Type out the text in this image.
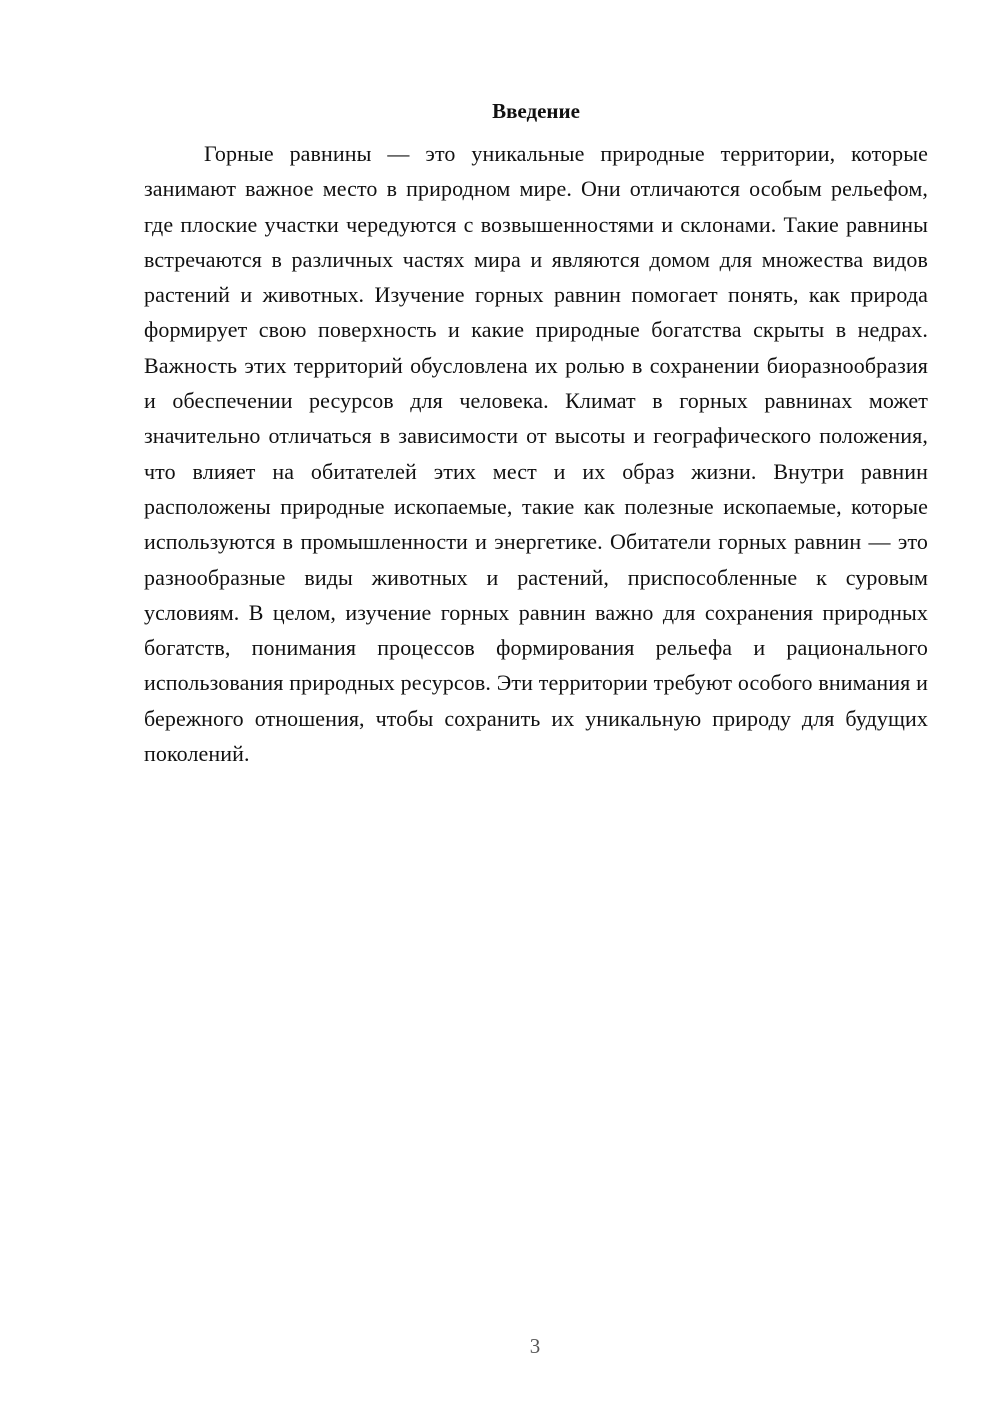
Введение

Горные равнины — это уникальные природные территории, которые занимают важное место в природном мире. Они отличаются особым рельефом, где плоские участки чередуются с возвышенностями и склонами. Такие равнины встречаются в различных частях мира и являются домом для множества видов растений и животных. Изучение горных равнин помогает понять, как природа формирует свою поверхность и какие природные богатства скрыты в недрах. Важность этих территорий обусловлена их ролью в сохранении биоразнообразия и обеспечении ресурсов для человека. Климат в горных равнинах может значительно отличаться в зависимости от высоты и географического положения, что влияет на обитателей этих мест и их образ жизни. Внутри равнин расположены природные ископаемые, такие как полезные ископаемые, которые используются в промышленности и энергетике. Обитатели горных равнин — это разнообразные виды животных и растений, приспособленные к суровым условиям. В целом, изучение горных равнин важно для сохранения природных богатств, понимания процессов формирования рельефа и рационального использования природных ресурсов. Эти территории требуют особого внимания и бережного отношения, чтобы сохранить их уникальную природу для будущих поколений.

3
